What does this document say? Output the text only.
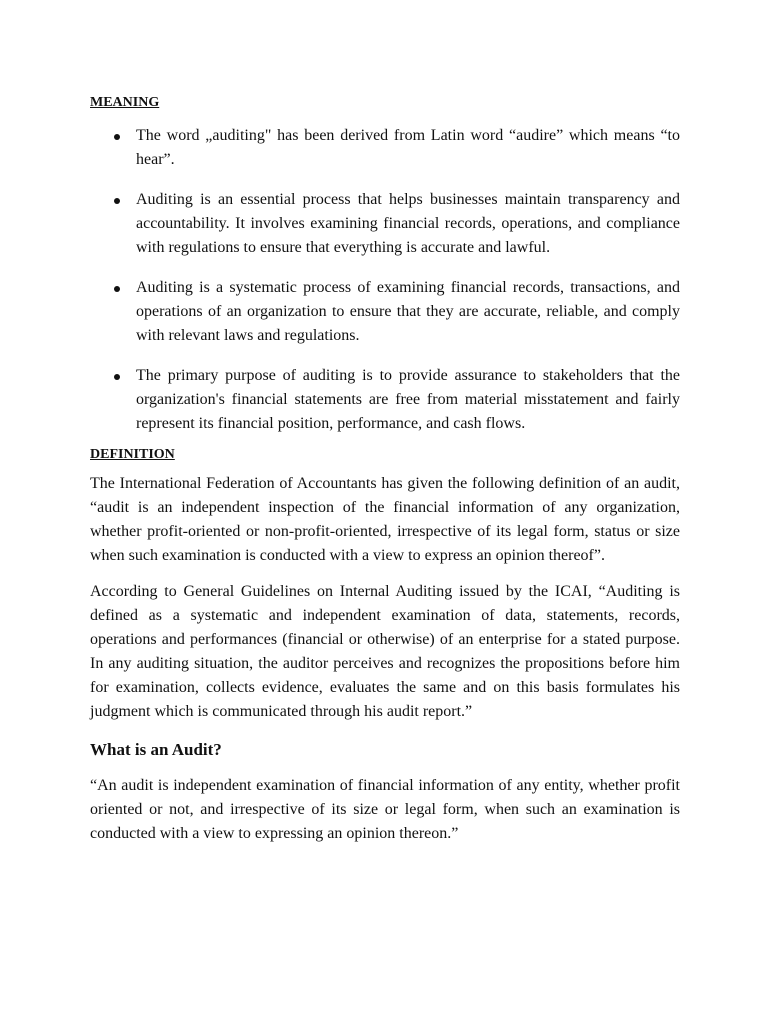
MEANING
The word „auditing" has been derived from Latin word “audire” which means “to hear”.
Auditing is an essential process that helps businesses maintain transparency and accountability. It involves examining financial records, operations, and compliance with regulations to ensure that everything is accurate and lawful.
Auditing is a systematic process of examining financial records, transactions, and operations of an organization to ensure that they are accurate, reliable, and comply with relevant laws and regulations.
The primary purpose of auditing is to provide assurance to stakeholders that the organization's financial statements are free from material misstatement and fairly represent its financial position, performance, and cash flows.
DEFINITION

The International Federation of Accountants has given the following definition of an audit, “audit is an independent inspection of the financial information of any organization, whether profit-oriented or non-profit-oriented, irrespective of its legal form, status or size when such examination is conducted with a view to express an opinion thereof”.

According to General Guidelines on Internal Auditing issued by the ICAI, “Auditing is defined as a systematic and independent examination of data, statements, records, operations and performances (financial or otherwise) of an enterprise for a stated purpose. In any auditing situation, the auditor perceives and recognizes the propositions before him for examination, collects evidence, evaluates the same and on this basis formulates his judgment which is communicated through his audit report.”

What is an Audit?

“An audit is independent examination of financial information of any entity, whether profit oriented or not, and irrespective of its size or legal form, when such an examination is conducted with a view to expressing an opinion thereon.”
